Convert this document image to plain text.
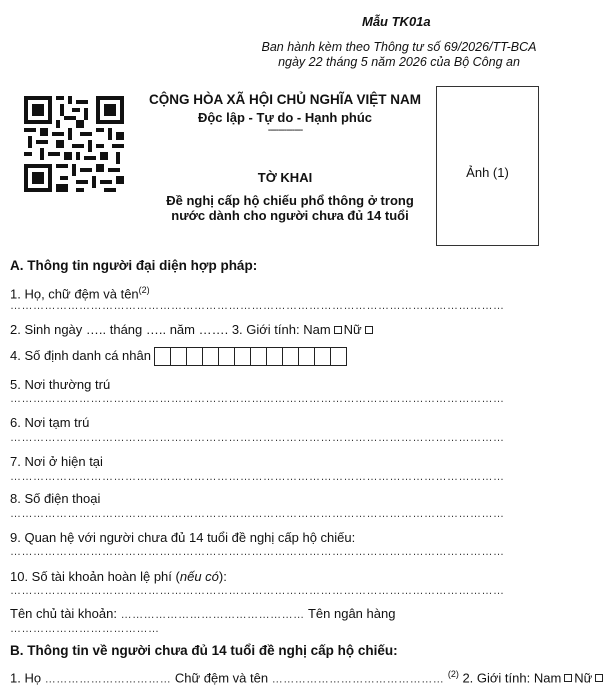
Mẫu TK01a
Ban hành kèm theo Thông tư số 69/2026/TT-BCA ngày 22 tháng 5 năm 2026 của Bộ Công an
CỘNG HÒA XÃ HỘI CHỦ NGHĨA VIỆT NAM
Độc lập - Tự do - Hạnh phúc
-------------
TỜ KHAI
Đề nghị cấp hộ chiếu phổ thông ở trong nước dành cho người chưa đủ 14 tuổi
Ảnh (1)
A. Thông tin người đại diện hợp pháp:
1. Họ, chữ đệm và tên$^{(2)}$
…………………………………………………………………………………………………………………
2. Sinh ngày ….. tháng ….. năm ……. 3. Giới tính: Nam Nữ
4. Số định danh cá nhân
5. Nơi thường trú
…………………………………………………………………………………………………………………
6. Nơi tạm trú
…………………………………………………………………………………………………………………
7. Nơi ở hiện tại
…………………………………………………………………………………………………………………
8. Số điện thoại
…………………………………………………………………………………………………………………
9. Quan hệ với người chưa đủ 14 tuổi đề nghị cấp hộ chiếu:
…………………………………………………………………………………………………………………
10. Số tài khoản hoàn lệ phí (nếu có):
…………………………………………………………………………………………………………………
Tên chủ tài khoản: ………………………………………… Tên ngân hàng
…………………………………
B. Thông tin về người chưa đủ 14 tuổi đề nghị cấp hộ chiếu:
1. Họ …………………………… Chữ đệm và tên ……………………………………… $^{(2)}$ 2. Giới tính: Nam Nữ
